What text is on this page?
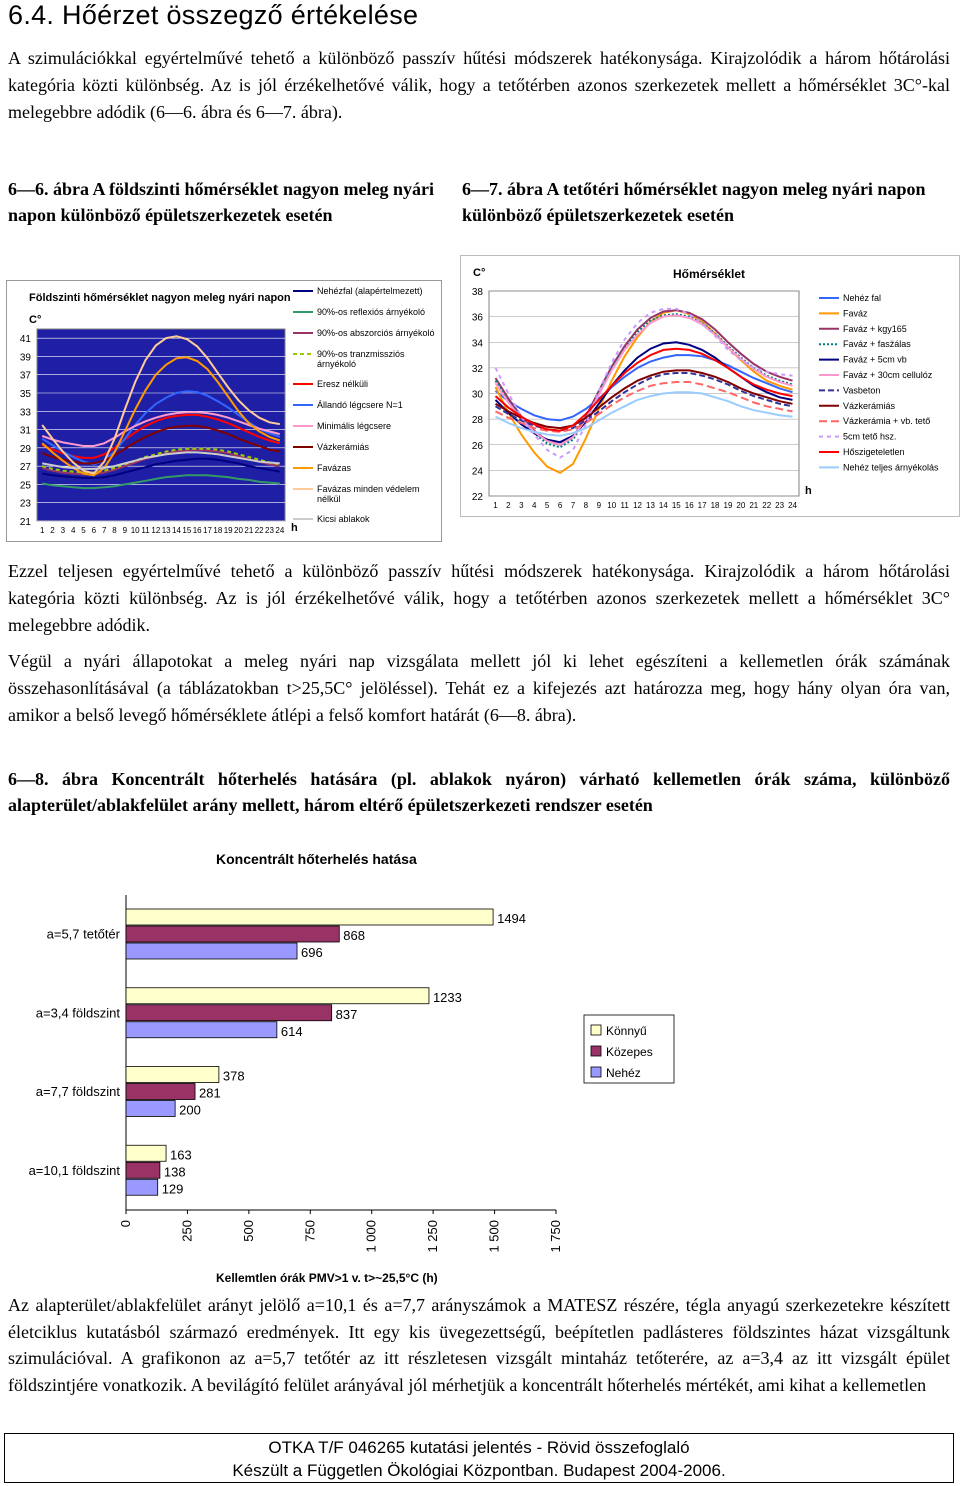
6.4. Hőérzet összegző értékelése

A szimulációkkal egyértelművé tehető a különböző passzív hűtési módszerek hatékonysága. Kirajzolódik a három hőtárolási kategória közti különbség. Az is jól érzékelhetővé válik, hogy a tetőtérben azonos szerkezetek mellett a hőmérséklet 3C°-kal melegebbre adódik (6—6. ábra és 6—7. ábra).

6—6. ábra A földszinti hőmérséklet nagyon meleg nyári napon különböző épületszerkezetek esetén

6—7. ábra A tetőtéri hőmérséklet nagyon meleg nyári napon különböző épületszerkezetek esetén

Földszinti hőmérséklet nagyon meleg nyári napon
21
23
25
27
29
31
33
35
37
39
41
C°
1 2 3 4 5 6 7 8 9 10 11 12 13 14 15 16 17 18 19 20 21 22 23 24 h
Nehézfal (alapértelmezett)
90%-os reflexiós árnyékoló
90%-os abszorciós árnyékoló
90%-os tranzmissziós
árnyékoló
Eresz nélküli
Állandó légcsere N=1
Minimális légcsere
Vázkerámiás
Favázas
Favázas minden védelem
nélkül
Kicsi ablakok
Hőmérséklet
22
24
26
28
30
32
34
36
38
C°
1 2 3 4 5 6 7 8 9 10 11 12 13 14 15 16 17 18 19 20 21 22 23 24
h
Nehéz fal
Faváz
Faváz + kgy165
Faváz + fasz̈álas
Faváz + 5cm vb
Faváz + 30cm cellulóz
Vasbeton
Vázkerámiás
Vázkerámia + vb. tető
5cm tető hsz.
Hőszigeteletlen
Nehéz teljes árnyékolás

Ezzel teljesen egyértelművé tehető a különböző passzív hűtési módszerek hatékonysága. Kirajzolódik a három hőtárolási kategória közti különbség. Az is jól érzékelhetővé válik, hogy a tetőtérben azonos szerkezetek mellett a hőmérséklet 3C° melegebbre adódik.

Végül a nyári állapotokat a meleg nyári nap vizsgálata mellett jól ki lehet egészíteni a kellemetlen órák számának összehasonlításával (a táblázatokban t>25,5C° jelöléssel). Tehát ez a kifejezés azt határozza meg, hogy hány olyan óra van, amikor a belső levegő hőmérséklete átlépi a felső komfort határát (6—8. ábra).

6—8. ábra Koncentrált hőterhelés hatására (pl. ablakok nyáron) várható kellemetlen órák száma, különböző alapterület/ablakfelület arány mellett, három eltérő épületszerkezeti rendszer esetén

Koncentrált hőterhelés hatása
0	250	500	750	1 000	1 250	1 500	1 750
Kellemtlen órák PMV>1 v. t>~25,5°C (h)
a=5,7 tetőtér
1494
868
696
a=3,4 földszint
1233
837
614
a=7,7 földszint
378
281
200
a=10,1 földszint
163
138
129
Könnyű
Közepes
Nehéz

Az alapterület/ablakfelület arányt jelölő a=10,1 és a=7,7 arányszámok a MATESZ részére, tégla anyagú szerkezetekre készített életciklus kutatásból származó eredmények. Itt egy kis üvegezettségű, beépítetlen padlásteres földszintes házat vizsgáltunk szimulációval. A grafikonon az a=5,7 tetőtér az itt részletesen vizsgált mintaház tetőterére, az a=3,4 az itt vizsgált épület földszintjére vonatkozik. A bevilágító felület arányával jól mérhetjük a koncentrált hőterhelés mértékét, ami kihat a kellemetlen

OTKA T/F 046265 kutatási jelentés - Rövid összefoglaló
Készült a Független Ökológiai Központban. Budapest 2004-2006.
